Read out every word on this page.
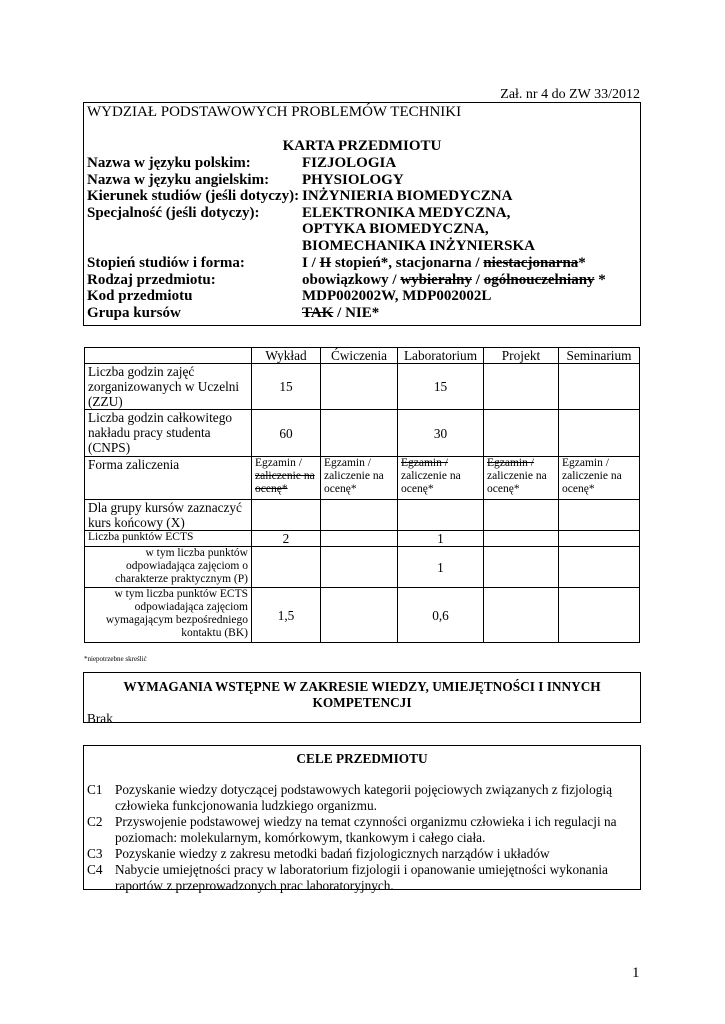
Zał. nr 4 do ZW 33/2012
WYDZIAŁ PODSTAWOWYCH PROBLEMÓW TECHNIKI
KARTA PRZEDMIOTU
Nazwa w języku polskim:	FIZJOLOGIA
Nazwa w języku angielskim:	PHYSIOLOGY
Kierunek studiów (jeśli dotyczy): INŻYNIERIA BIOMEDYCZNA
Specjalność (jeśli dotyczy):	ELEKTRONIKA MEDYCZNA,
OPTYKA BIOMEDYCZNA,
BIOMECHANIKA INŻYNIERSKA
Stopień studiów i forma:	I / II stopień*, stacjonarna / niestacjonarna*
Rodzaj przedmiotu:	obowiązkowy / wybieralny / ogólnouczelniany *
Kod przedmiotu	MDP002002W, MDP002002L
Grupa kursów	TAK / NIE*
	Wykład	Ćwiczenia	Laboratorium	Projekt	Seminarium
Liczba godzin zajęć zorganizowanych w Uczelni (ZZU)	15		15		
Liczba godzin całkowitego nakładu pracy studenta (CNPS)	60		30		
Forma zaliczenia	Egzamin / zaliczenie na ocenę*	Egzamin / zaliczenie na ocenę*	Egzamin / zaliczenie na ocenę*	Egzamin / zaliczenie na ocenę*	Egzamin / zaliczenie na ocenę*
Dla grupy kursów zaznaczyć kurs końcowy (X)					
Liczba punktów ECTS	2		1		
w tym liczba punktów odpowiadająca zajęciom o charakterze praktycznym (P)			1		
w tym liczba punktów ECTS odpowiadająca zajęciom wymagającym bezpośredniego kontaktu (BK)	1,5		0,6		
*niepotrzebne skreślić
WYMAGANIA WSTĘPNE W ZAKRESIE WIEDZY, UMIEJĘTNOŚCI I INNYCH KOMPETENCJI
Brak
CELE PRZEDMIOTU
C1 Pozyskanie wiedzy dotyczącej podstawowych kategorii pojęciowych związanych z fizjologią człowieka funkcjonowania ludzkiego organizmu.
C2 Przyswojenie podstawowej wiedzy na temat czynności organizmu człowieka i ich regulacji na poziomach: molekularnym, komórkowym, tkankowym i całego ciała.
C3 Pozyskanie wiedzy z zakresu metodki badań fizjologicznych narządów i układów
C4 Nabycie umiejętności pracy w laboratorium fizjologii i opanowanie umiejętności wykonania raportów z przeprowadzonych prac laboratoryjnych.
1
